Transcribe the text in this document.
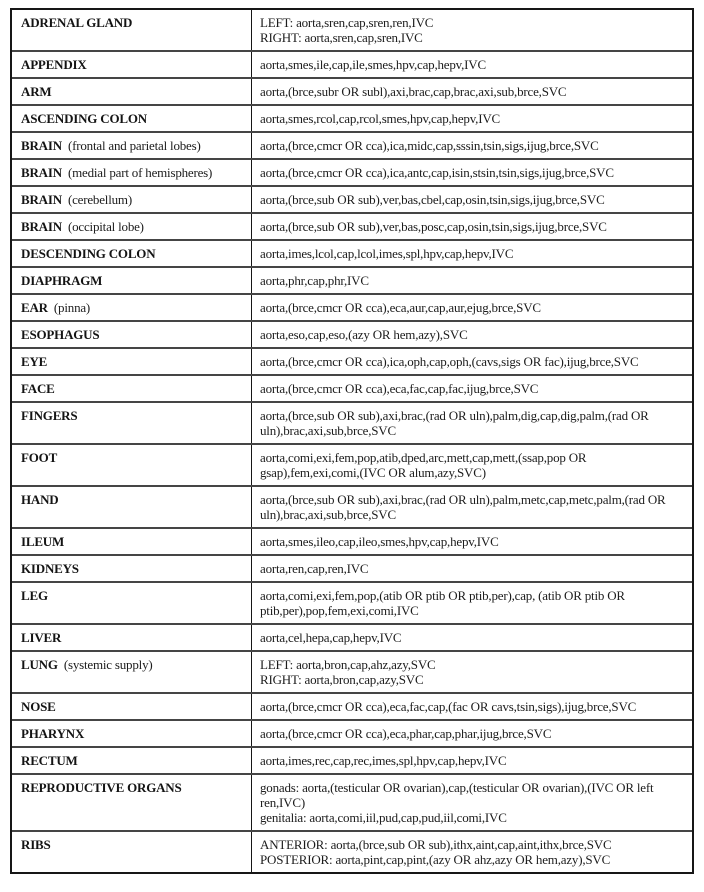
ADRENAL GLAND	LEFT: aorta,sren,cap,sren,ren,IVC
RIGHT: aorta,sren,cap,sren,IVC
APPENDIX	aorta,smes,ile,cap,ile,smes,hpv,cap,hepv,IVC
ARM	aorta,(brce,subr OR subl),axi,brac,cap,brac,axi,sub,brce,SVC
ASCENDING COLON	aorta,smes,rcol,cap,rcol,smes,hpv,cap,hepv,IVC
BRAIN (frontal and parietal lobes)	aorta,(brce,cmcr OR cca),ica,midc,cap,sssin,tsin,sigs,ijug,brce,SVC
BRAIN (medial part of hemispheres)	aorta,(brce,cmcr OR cca),ica,antc,cap,isin,stsin,tsin,sigs,ijug,brce,SVC
BRAIN (cerebellum)	aorta,(brce,sub OR sub),ver,bas,cbel,cap,osin,tsin,sigs,ijug,brce,SVC
BRAIN (occipital lobe)	aorta,(brce,sub OR sub),ver,bas,posc,cap,osin,tsin,sigs,ijug,brce,SVC
DESCENDING COLON	aorta,imes,lcol,cap,lcol,imes,spl,hpv,cap,hepv,IVC
DIAPHRAGM	aorta,phr,cap,phr,IVC
EAR (pinna)	aorta,(brce,cmcr OR cca),eca,aur,cap,aur,ejug,brce,SVC
ESOPHAGUS	aorta,eso,cap,eso,(azy OR hem,azy),SVC
EYE	aorta,(brce,cmcr OR cca),ica,oph,cap,oph,(cavs,sigs OR fac),ijug,brce,SVC
FACE	aorta,(brce,cmcr OR cca),eca,fac,cap,fac,ijug,brce,SVC
FINGERS	aorta,(brce,sub OR sub),axi,brac,(rad OR uln),palm,dig,cap,dig,palm,(rad OR uln),brac,axi,sub,brce,SVC
FOOT	aorta,comi,exi,fem,pop,atib,dped,arc,mett,cap,mett,(ssap,pop OR gsap),fem,exi,comi,(IVC OR alum,azy,SVC)
HAND	aorta,(brce,sub OR sub),axi,brac,(rad OR uln),palm,metc,cap,metc,palm,(rad OR uln),brac,axi,sub,brce,SVC
ILEUM	aorta,smes,ileo,cap,ileo,smes,hpv,cap,hepv,IVC
KIDNEYS	aorta,ren,cap,ren,IVC
LEG	aorta,comi,exi,fem,pop,(atib OR ptib OR ptib,per),cap, (atib OR ptib OR ptib,per),pop,fem,exi,comi,IVC
LIVER	aorta,cel,hepa,cap,hepv,IVC
LUNG (systemic supply)	LEFT: aorta,bron,cap,ahz,azy,SVC
RIGHT: aorta,bron,cap,azy,SVC
NOSE	aorta,(brce,cmcr OR cca),eca,fac,cap,(fac OR cavs,tsin,sigs),ijug,brce,SVC
PHARYNX	aorta,(brce,cmcr OR cca),eca,phar,cap,phar,ijug,brce,SVC
RECTUM	aorta,imes,rec,cap,rec,imes,spl,hpv,cap,hepv,IVC
REPRODUCTIVE ORGANS	gonads: aorta,(testicular OR ovarian),cap,(testicular OR ovarian),(IVC OR left ren,IVC)
genitalia: aorta,comi,iil,pud,cap,pud,iil,comi,IVC
RIBS	ANTERIOR: aorta,(brce,sub OR sub),ithx,aint,cap,aint,ithx,brce,SVC
POSTERIOR: aorta,pint,cap,pint,(azy OR ahz,azy OR hem,azy),SVC
